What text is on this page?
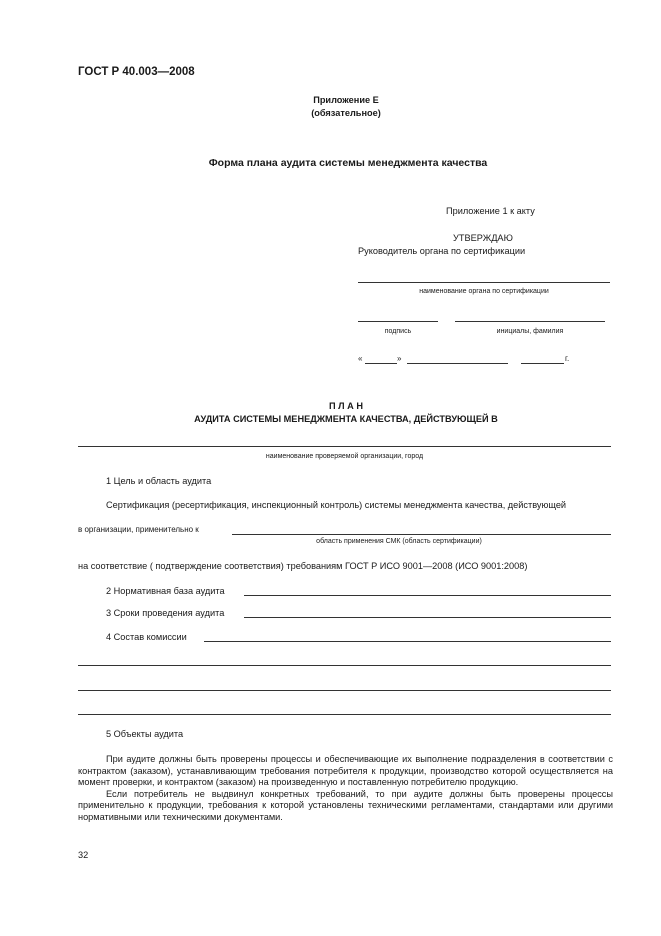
ГОСТ Р 40.003—2008
Приложение Е
(обязательное)
Форма плана аудита системы менеджмента качества
Приложение 1 к акту
УТВЕРЖДАЮ
Руководитель органа по сертификации
наименование органа по сертификации
подпись	инициалы, фамилия
«	»	г.
П Л А Н
АУДИТА СИСТЕМЫ МЕНЕДЖМЕНТА КАЧЕСТВА, ДЕЙСТВУЮЩЕЙ В
наименование проверяемой организации, город
1 Цель и область аудита
Сертификация (ресертификация, инспекционный контроль) системы менеджмента качества, действующей
в организации, применительно к
область применения СМК (область сертификации)
на соответствие ( подтверждение соответствия) требованиям ГОСТ Р ИСО 9001—2008 (ИСО 9001:2008)
2 Нормативная база аудита
3 Сроки проведения аудита
4 Состав комиссии
5 Объекты аудита

При аудите должны быть проверены процессы и обеспечивающие их выполнение подразделения в соответствии с контрактом (заказом), устанавливающим требования потребителя к продукции, производство которой осуществляется на момент проверки, и контрактом (заказом) на произведенную и поставленную потребителю продукцию.

Если потребитель не выдвинул конкретных требований, то при аудите должны быть проверены процессы применительно к продукции, требования к которой установлены техническими регламентами, стандартами или другими нормативными или техническими документами.

32
